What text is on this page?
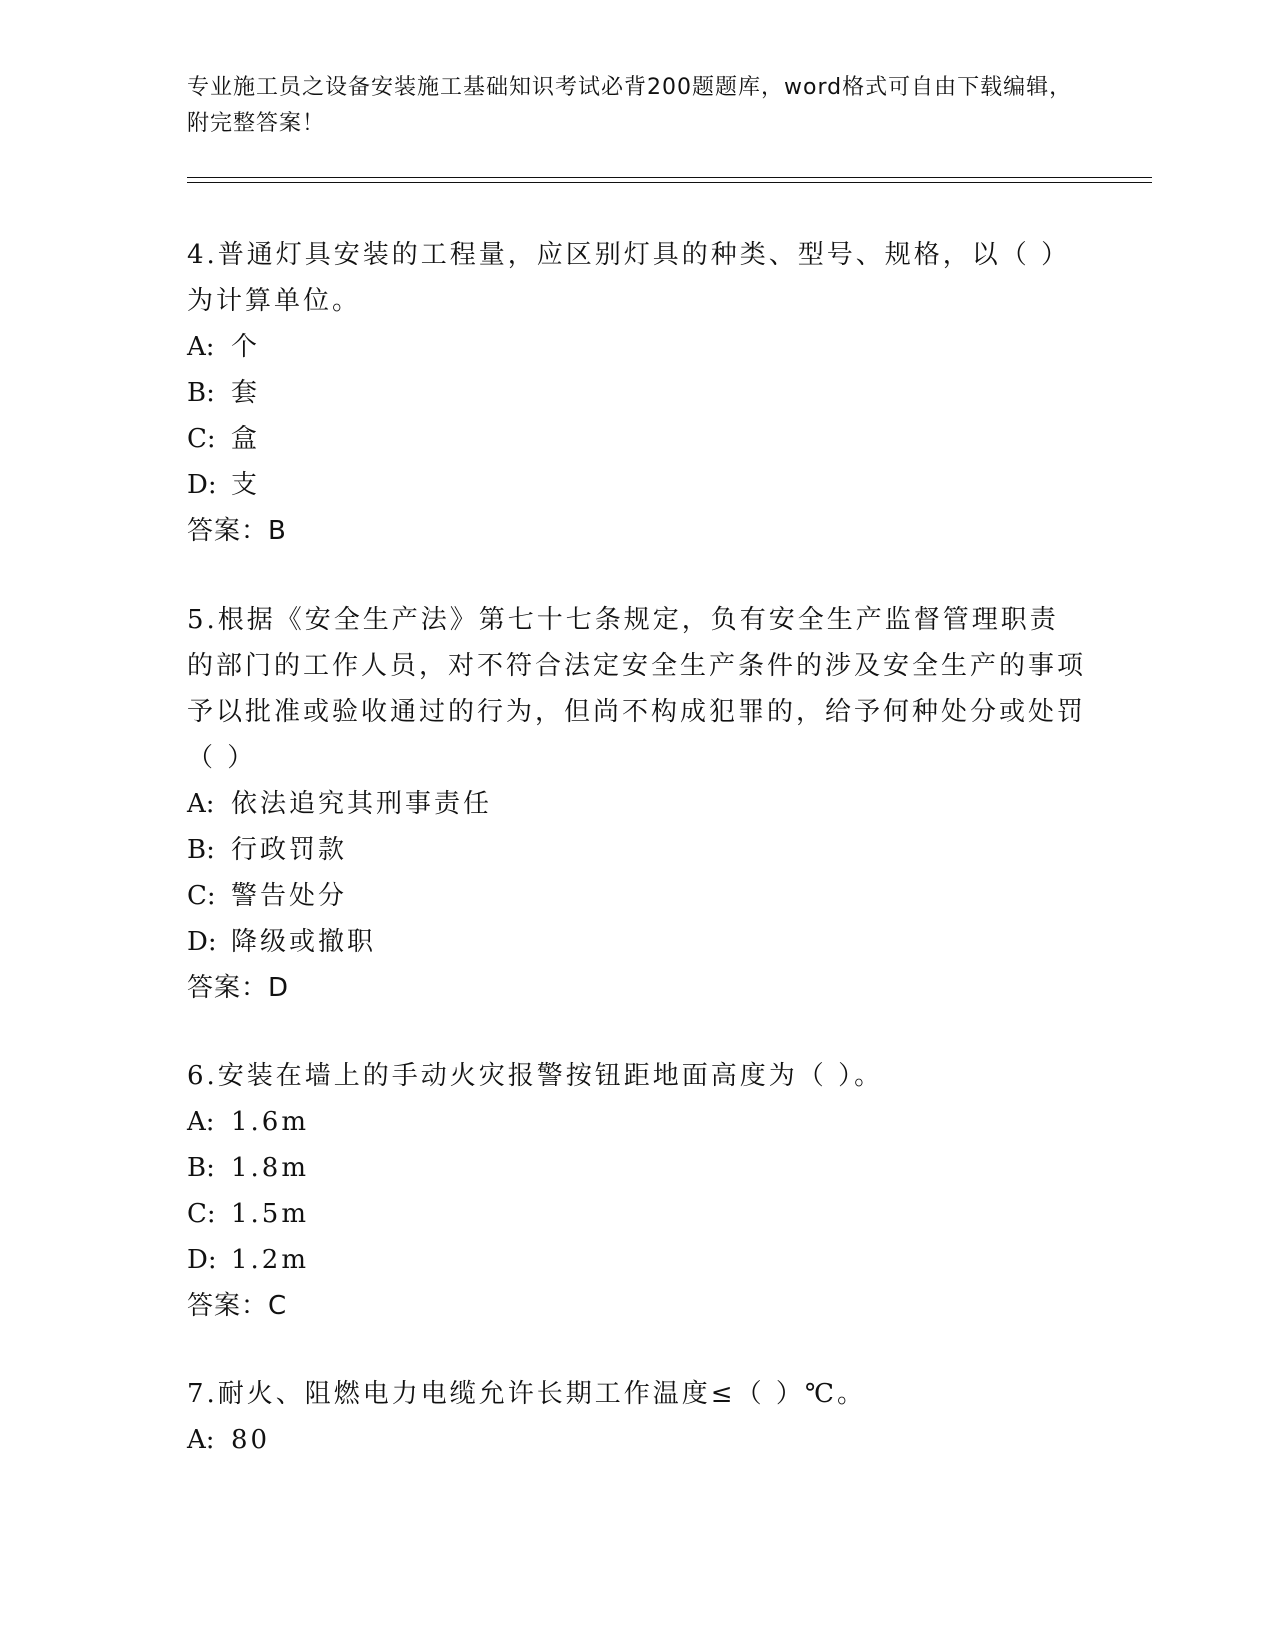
专业施工员之设备安装施工基础知识考试必背200题题库，word格式可自由下载编辑，附完整答案！

4.普通灯具安装的工程量，应区别灯具的种类、型号、规格，以（ ）为计算单位。

A: 个

B: 套

C: 盒

D: 支

答案：B

5.根据《安全生产法》第七十七条规定，负有安全生产监督管理职责的部门的工作人员，对不符合法定安全生产条件的涉及安全生产的事项予以批准或验收通过的行为，但尚不构成犯罪的，给予何种处分或处罚（ ）

A: 依法追究其刑事责任

B: 行政罚款

C: 警告处分

D: 降级或撤职

答案：D

6.安装在墙上的手动火灾报警按钮距地面高度为（ ）。

A: 1.6m

B: 1.8m

C: 1.5m

D: 1.2m

答案：C

7.耐火、阻燃电力电缆允许长期工作温度≤（ ）℃。

A: 80
